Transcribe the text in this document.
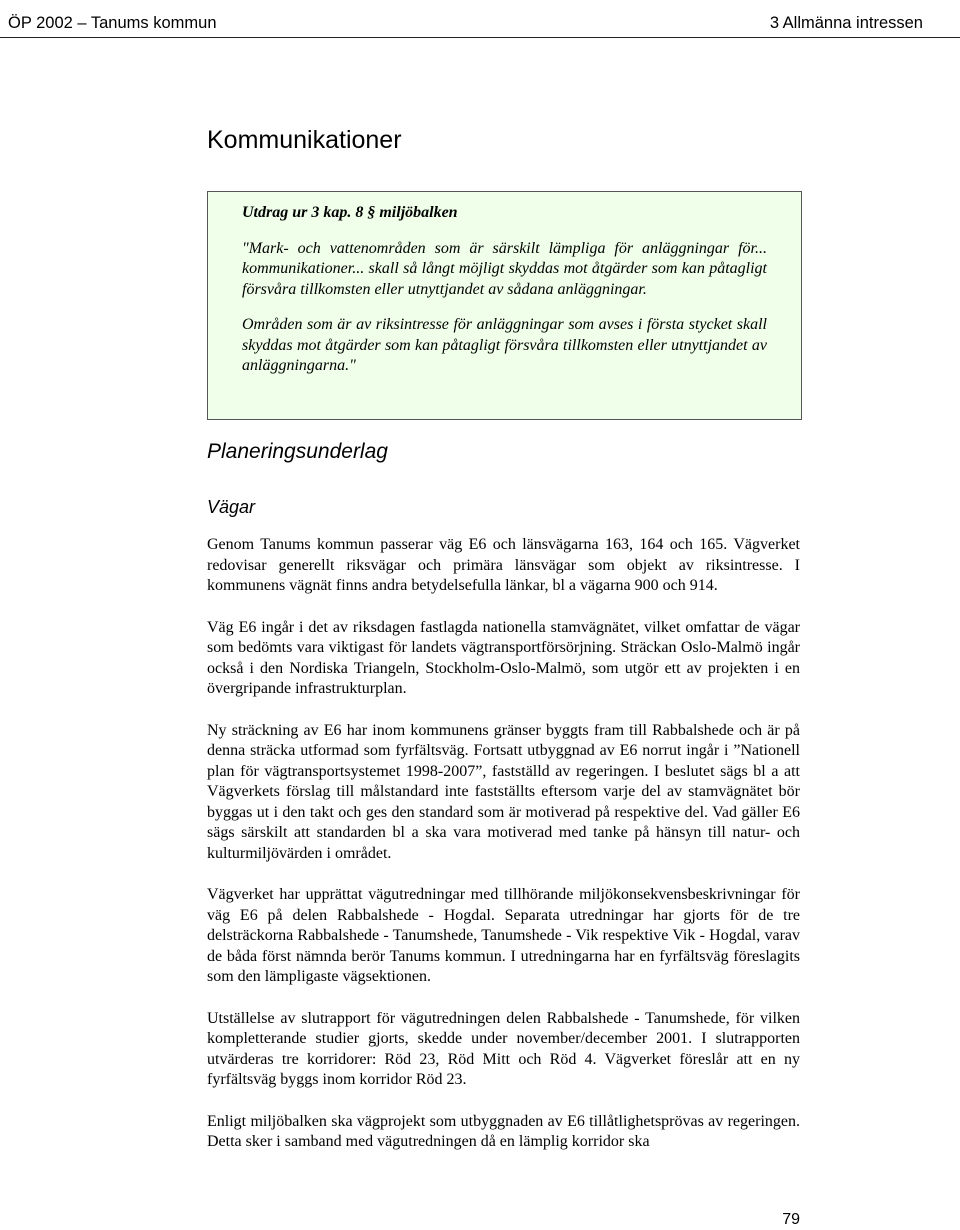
ÖP 2002 – Tanums kommun	3 Allmänna intressen
Kommunikationer

Utdrag ur 3 kap. 8 § miljöbalken

"Mark- och vattenområden som är särskilt lämpliga för anläggningar för... kommunikationer... skall så långt möjligt skyddas mot åtgärder som kan påtagligt försvåra tillkomsten eller utnyttjandet av sådana anläggningar.

Områden som är av riksintresse för anläggningar som avses i första stycket skall skyddas mot åtgärder som kan påtagligt försvåra tillkomsten eller utnyttjandet av anläggningarna."

Planeringsunderlag
Vägar

Genom Tanums kommun passerar väg E6 och länsvägarna 163, 164 och 165. Vägverket redovisar generellt riksvägar och primära länsvägar som objekt av riksintresse. I kommunens vägnät finns andra betydelsefulla länkar, bl a vägarna 900 och 914.

Väg E6 ingår i det av riksdagen fastlagda nationella stamvägnätet, vilket omfattar de vägar som bedömts vara viktigast för landets vägtransportförsörjning. Sträckan Oslo-Malmö ingår också i den Nordiska Triangeln, Stockholm-Oslo-Malmö, som utgör ett av projekten i en övergripande infrastrukturplan.

Ny sträckning av E6 har inom kommunens gränser byggts fram till Rabbalshede och är på denna sträcka utformad som fyrfältsväg. Fortsatt utbyggnad av E6 norrut ingår i ”Nationell plan för vägtransportsystemet 1998-2007”, fastställd av regeringen. I beslutet sägs bl a att Vägverkets förslag till målstandard inte fastställts eftersom varje del av stamvägnätet bör byggas ut i den takt och ges den standard som är motiverad på respektive del. Vad gäller E6 sägs särskilt att standarden bl a ska vara motiverad med tanke på hänsyn till natur- och kulturmiljövärden i området.

Vägverket har upprättat vägutredningar med tillhörande miljökonsekvensbeskrivningar för väg E6 på delen Rabbalshede - Hogdal. Separata utredningar har gjorts för de tre delsträckorna Rabbalshede - Tanumshede, Tanumshede - Vik respektive Vik - Hogdal, varav de båda först nämnda berör Tanums kommun. I utredningarna har en fyrfältsväg föreslagits som den lämpligaste vägsektionen.

Utställelse av slutrapport för vägutredningen delen Rabbalshede - Tanumshede, för vilken kompletterande studier gjorts, skedde under november/december 2001. I slutrapporten utvärderas tre korridorer: Röd 23, Röd Mitt och Röd 4. Vägverket föreslår att en ny fyrfältsväg byggs inom korridor Röd 23.

Enligt miljöbalken ska vägprojekt som utbyggnaden av E6 tillåtlighetsprövas av regeringen. Detta sker i samband med vägutredningen då en lämplig korridor ska

79
